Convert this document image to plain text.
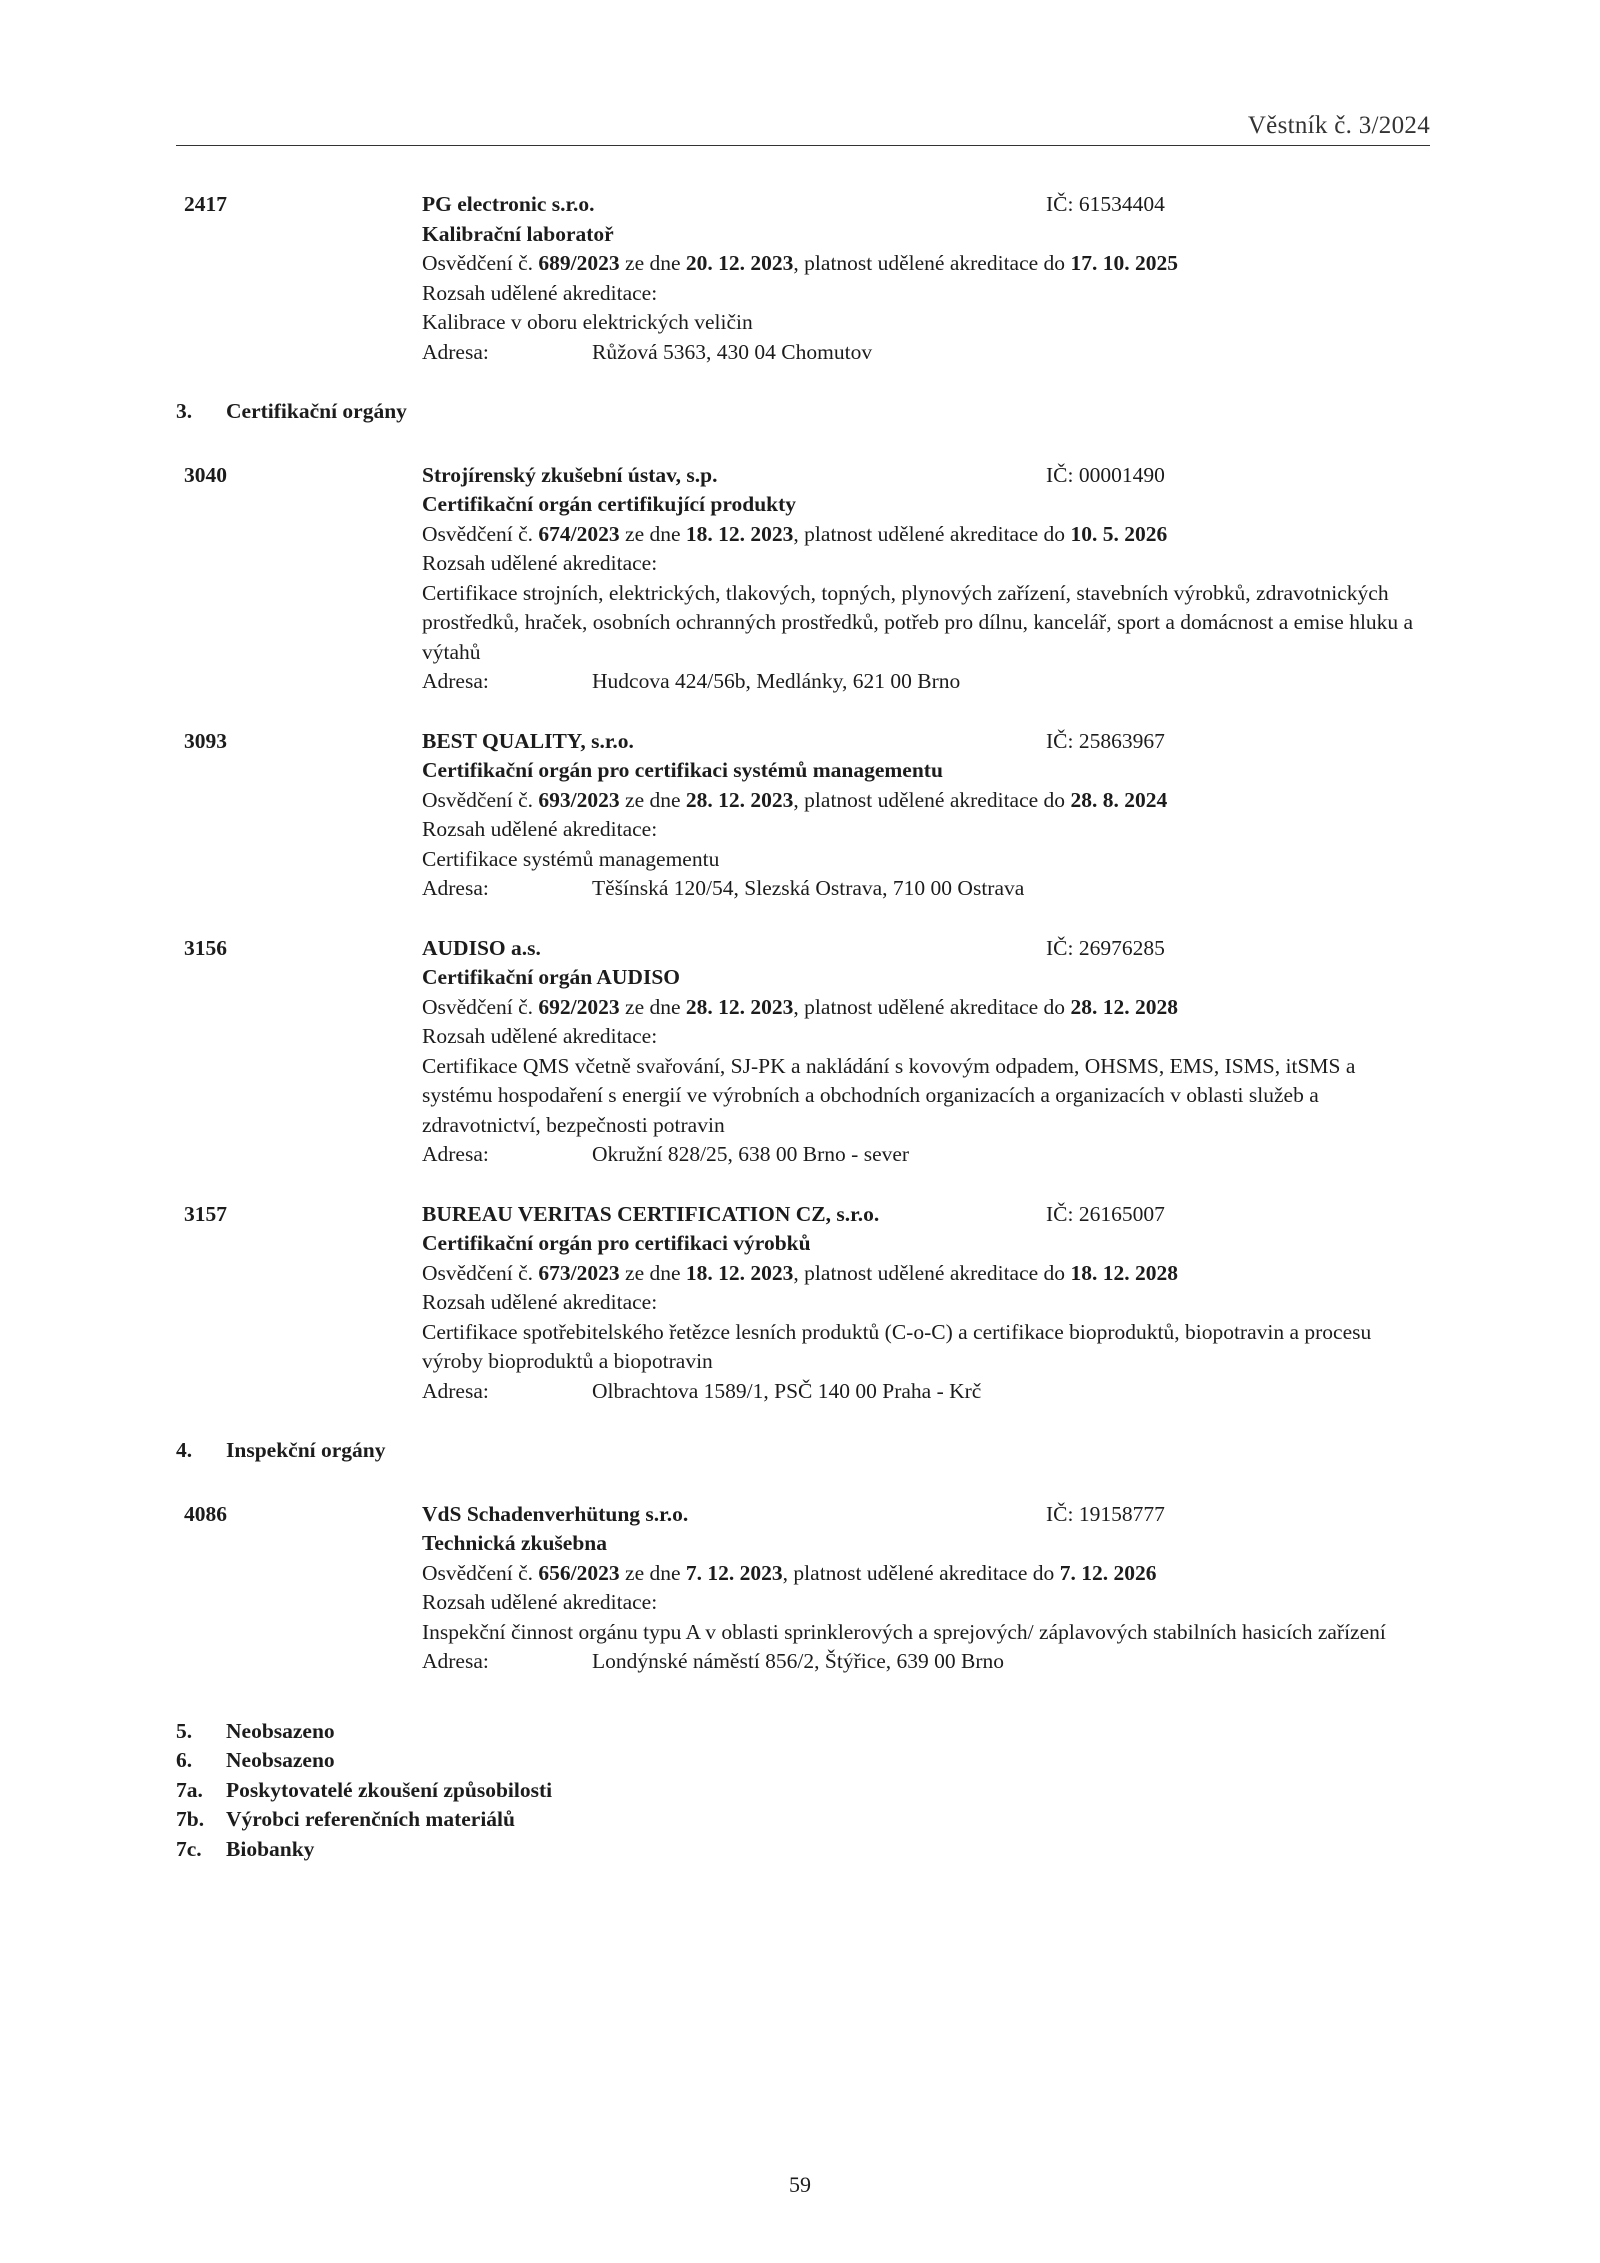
Věstník č. 3/2024
2417	PG electronic s.r.o.	IČ: 61534404
Kalibrační laboratoř
Osvědčení č. 689/2023 ze dne 20. 12. 2023, platnost udělené akreditace do 17. 10. 2025
Rozsah udělené akreditace:
Kalibrace v oboru elektrických veličin
Adresa:	Růžová 5363, 430 04 Chomutov
3.	Certifikační orgány
3040	Strojírenský zkušební ústav, s.p.	IČ: 00001490
Certifikační orgán certifikující produkty
Osvědčení č. 674/2023 ze dne 18. 12. 2023, platnost udělené akreditace do 10. 5. 2026
Rozsah udělené akreditace:
Certifikace strojních, elektrických, tlakových, topných, plynových zařízení, stavebních výrobků, zdravotnických prostředků, hraček, osobních ochranných prostředků, potřeb pro dílnu, kancelář, sport a domácnost a emise hluku a výtahů
Adresa:	Hudcova 424/56b, Medlánky, 621 00 Brno
3093	BEST QUALITY, s.r.o.	IČ: 25863967
Certifikační orgán pro certifikaci systémů managementu
Osvědčení č. 693/2023 ze dne 28. 12. 2023, platnost udělené akreditace do 28. 8. 2024
Rozsah udělené akreditace:
Certifikace systémů managementu
Adresa:	Těšínská 120/54, Slezská Ostrava, 710 00 Ostrava
3156	AUDISO a.s.	IČ: 26976285
Certifikační orgán AUDISO
Osvědčení č. 692/2023 ze dne 28. 12. 2023, platnost udělené akreditace do 28. 12. 2028
Rozsah udělené akreditace:
Certifikace QMS včetně svařování, SJ-PK a nakládání s kovovým odpadem, OHSMS, EMS, ISMS, itSMS a systému hospodaření s energií ve výrobních a obchodních organizacích a organizacích v oblasti služeb a zdravotnictví, bezpečnosti potravin
Adresa:	Okružní 828/25, 638 00 Brno - sever
3157	BUREAU VERITAS CERTIFICATION CZ, s.r.o.	IČ: 26165007
Certifikační orgán pro certifikaci výrobků
Osvědčení č. 673/2023 ze dne 18. 12. 2023, platnost udělené akreditace do 18. 12. 2028
Rozsah udělené akreditace:
Certifikace spotřebitelského řetězce lesních produktů (C-o-C) a certifikace bioproduktů, biopotravin a procesu výroby bioproduktů a biopotravin
Adresa:	Olbrachtova 1589/1, PSČ 140 00 Praha - Krč
4.	Inspekční orgány
4086	VdS Schadenverhütung s.r.o.	IČ: 19158777
Technická zkušebna
Osvědčení č. 656/2023 ze dne 7. 12. 2023, platnost udělené akreditace do 7. 12. 2026
Rozsah udělené akreditace:
Inspekční činnost orgánu typu A v oblasti sprinklerových a sprejových/ záplavových stabilních hasicích zařízení
Adresa:	Londýnské náměstí 856/2, Štýřice, 639 00 Brno
5.	Neobsazeno
6.	Neobsazeno
7a.	Poskytovatelé zkoušení způsobilosti
7b.	Výrobci referenčních materiálů
7c.	Biobanky
59
